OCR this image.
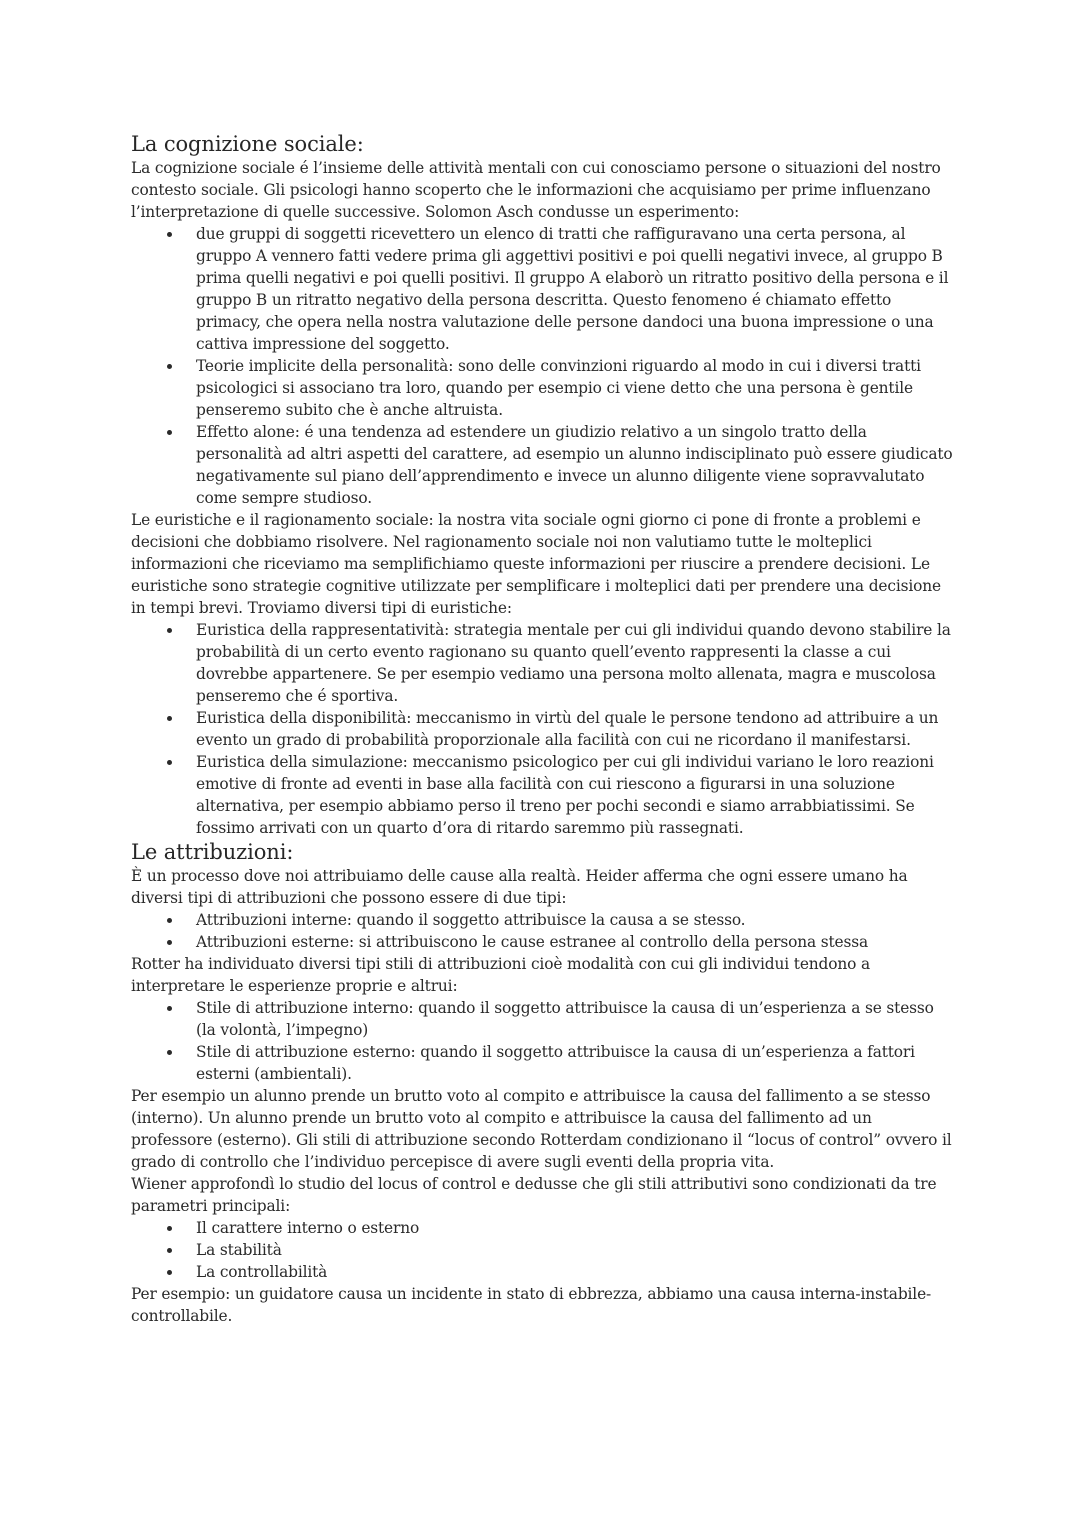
La cognizione sociale:

La cognizione sociale é l’insieme delle attività mentali con cui conosciamo persone o situazioni del nostro contesto sociale. Gli psicologi hanno scoperto che le informazioni che acquisiamo per prime influenzano l’interpretazione di quelle successive. Solomon Asch condusse un esperimento:

due gruppi di soggetti ricevettero un elenco di tratti che raffiguravano una certa persona, al gruppo A vennero fatti vedere prima gli aggettivi positivi e poi quelli negativi invece, al gruppo B prima quelli negativi e poi quelli positivi. Il gruppo A elaborò un ritratto positivo della persona e il gruppo B un ritratto negativo della persona descritta. Questo fenomeno é chiamato effetto primacy, che opera nella nostra valutazione delle persone dandoci una buona impressione o una cattiva impressione del soggetto.
Teorie implicite della personalità: sono delle convinzioni riguardo al modo in cui i diversi tratti psicologici si associano tra loro, quando per esempio ci viene detto che una persona è gentile penseremo subito che è anche altruista.
Effetto alone: é una tendenza ad estendere un giudizio relativo a un singolo tratto della personalità ad altri aspetti del carattere, ad esempio un alunno indisciplinato può essere giudicato negativamente sul piano dell’apprendimento e invece un alunno diligente viene sopravvalutato come sempre studioso.

Le euristiche e il ragionamento sociale: la nostra vita sociale ogni giorno ci pone di fronte a problemi e decisioni che dobbiamo risolvere. Nel ragionamento sociale noi non valutiamo tutte le molteplici informazioni che riceviamo ma semplifichiamo queste informazioni per riuscire a prendere decisioni. Le euristiche sono strategie cognitive utilizzate per semplificare i molteplici dati per prendere una decisione in tempi brevi. Troviamo diversi tipi di euristiche:

Euristica della rappresentatività: strategia mentale per cui gli individui quando devono stabilire la probabilità di un certo evento ragionano su quanto quell’evento rappresenti la classe a cui dovrebbe appartenere. Se per esempio vediamo una persona molto allenata, magra e muscolosa penseremo che é sportiva.
Euristica della disponibilità: meccanismo in virtù del quale le persone tendono ad attribuire a un evento un grado di probabilità proporzionale alla facilità con cui ne ricordano il manifestarsi.
Euristica della simulazione: meccanismo psicologico per cui gli individui variano le loro reazioni emotive di fronte ad eventi in base alla facilità con cui riescono a figurarsi in una soluzione alternativa, per esempio abbiamo perso il treno per pochi secondi e siamo arrabbiatissimi. Se fossimo arrivati con un quarto d’ora di ritardo saremmo più rassegnati.
Le attribuzioni:

È un processo dove noi attribuiamo delle cause alla realtà. Heider afferma che ogni essere umano ha diversi tipi di attribuzioni che possono essere di due tipi:

Attribuzioni interne: quando il soggetto attribuisce la causa a se stesso.
Attribuzioni esterne: si attribuiscono le cause estranee al controllo della persona stessa

Rotter ha individuato diversi tipi stili di attribuzioni cioè modalità con cui gli individui tendono a interpretare le esperienze proprie e altrui:

Stile di attribuzione interno: quando il soggetto attribuisce la causa di un’esperienza a se stesso (la volontà, l’impegno)
Stile di attribuzione esterno: quando il soggetto attribuisce la causa di un’esperienza a fattori esterni (ambientali).

Per esempio un alunno prende un brutto voto al compito e attribuisce la causa del fallimento a se stesso (interno). Un alunno prende un brutto voto al compito e attribuisce la causa del fallimento ad un professore (esterno). Gli stili di attribuzione secondo Rotterdam condizionano il “locus of control” ovvero il grado di controllo che l’individuo percepisce di avere sugli eventi della propria vita.

Wiener approfondì lo studio del locus of control e dedusse che gli stili attributivi sono condizionati da tre parametri principali:

Il carattere interno o esterno
La stabilità
La controllabilità

Per esempio: un guidatore causa un incidente in stato di ebbrezza, abbiamo una causa interna-instabile-controllabile.
